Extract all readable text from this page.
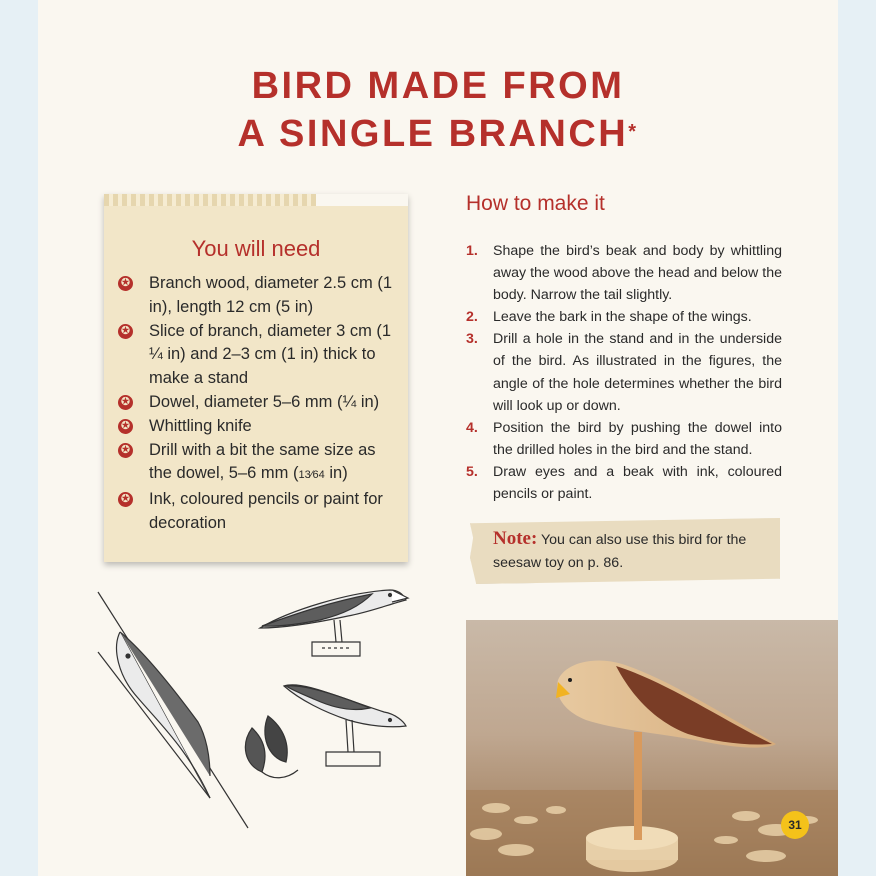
BIRD MADE FROM
A SINGLE BRANCH*
You will need
✪ Branch wood, diameter 2.5 cm (1 in), length 12 cm (5 in)
✪ Slice of branch, diameter 3 cm (1 ¼ in) and 2–3 cm (1 in) thick to make a stand
✪ Dowel, diameter 5–6 mm (¼ in)
✪ Whittling knife
✪ Drill with a bit the same size as the dowel, 5–6 mm (13⁄64 in)
✪ Ink, coloured pencils or paint for decoration
How to make it
1. Shape the bird’s beak and body by whittling away the wood above the head and below the body. Narrow the tail slightly.
2. Leave the bark in the shape of the wings.
3. Drill a hole in the stand and in the underside of the bird. As illustrated in the figures, the angle of the hole determines whether the bird will look up or down.
4. Position the bird by pushing the dowel into the drilled holes in the bird and the stand.
5. Draw eyes and a beak with ink, coloured pencils or paint.
Note: You can also use this bird for the seesaw toy on p. 86.
31
